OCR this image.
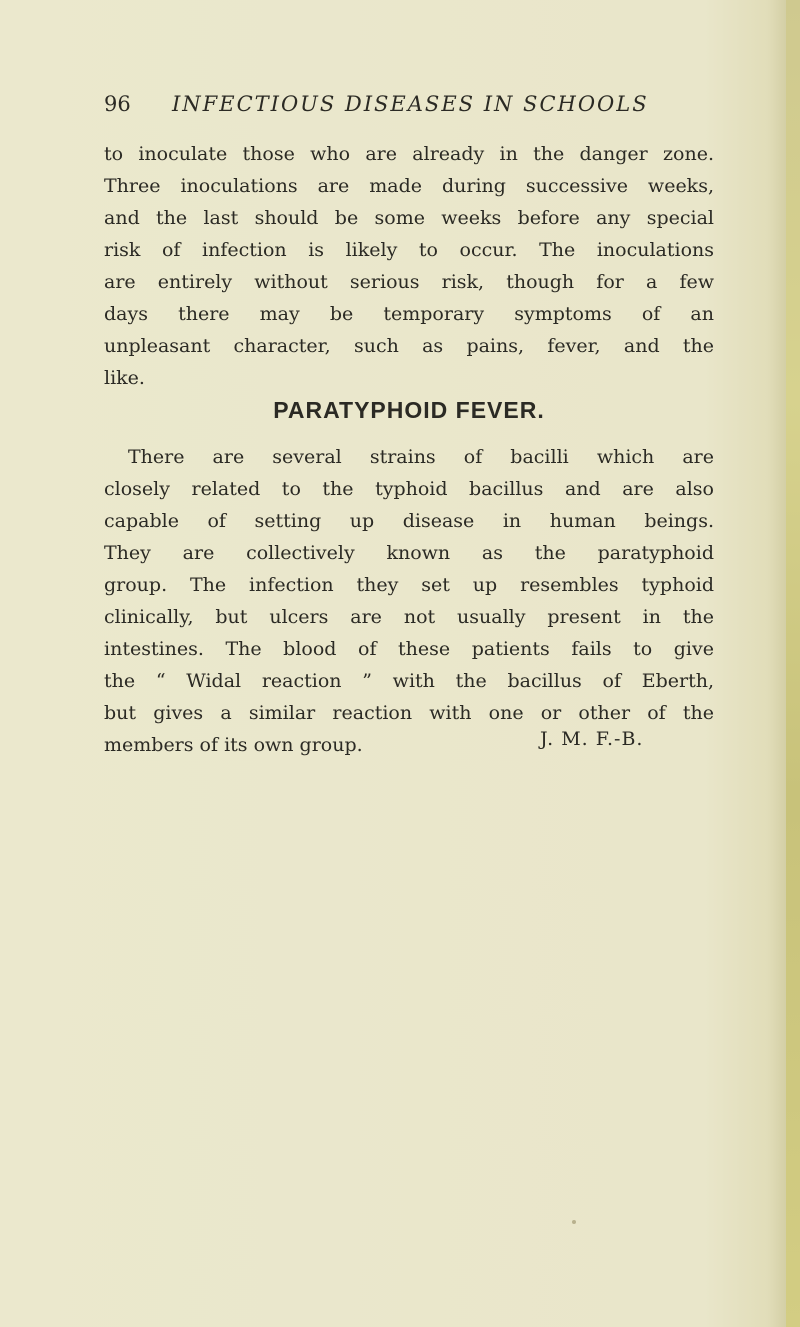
96 INFECTIOUS DISEASES IN SCHOOLS
to inoculate those who are already in the danger zone.
Three inoculations are made during successive weeks,
and the last should be some weeks before any special
risk of infection is likely to occur. The inoculations
are entirely without serious risk, though for a few
days there may be temporary symptoms of an
unpleasant character, such as pains, fever, and the
like.
PARATYPHOID FEVER.
There are several strains of bacilli which are
closely related to the typhoid bacillus and are also
capable of setting up disease in human beings.
They are collectively known as the paratyphoid
group. The infection they set up resembles typhoid
clinically, but ulcers are not usually present in the
intestines. The blood of these patients fails to give
the “ Widal reaction ” with the bacillus of Eberth,
but gives a similar reaction with one or other of the
members of its own group.	J. M. F.-B.
